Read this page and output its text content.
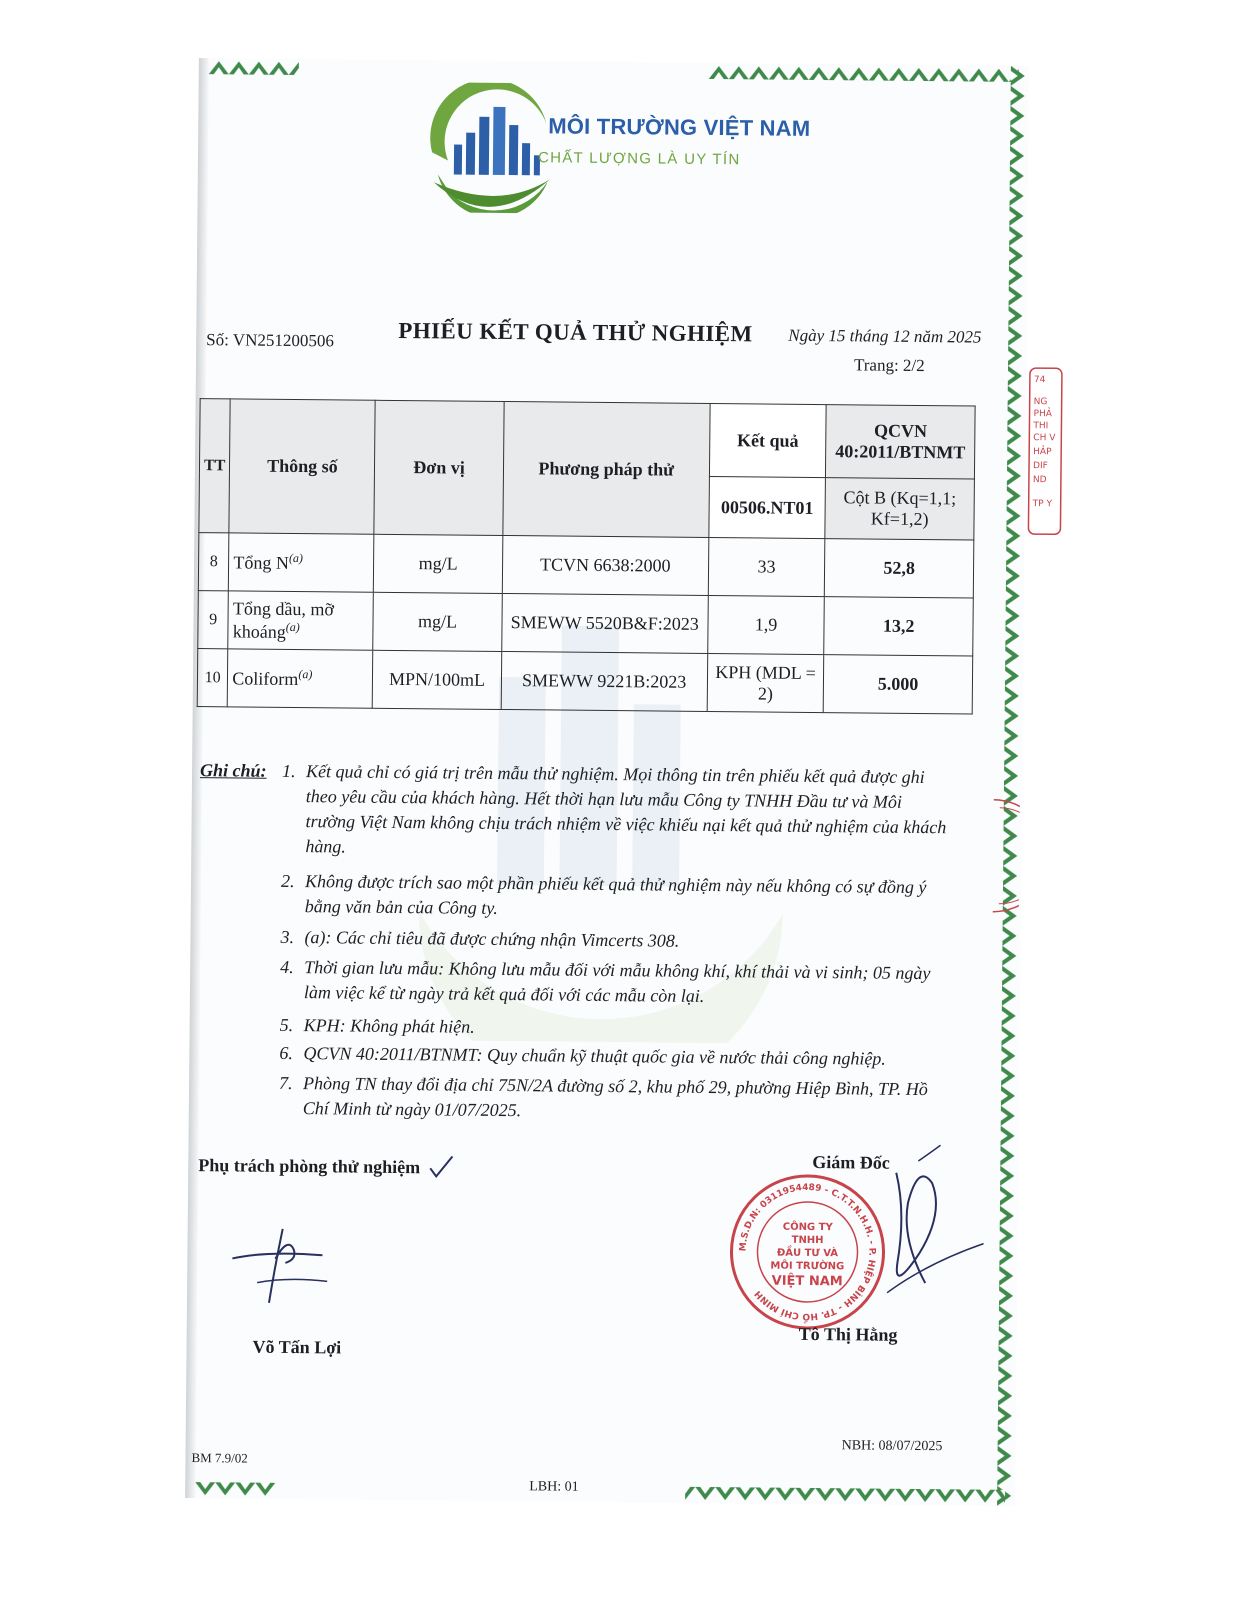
MÔI TRƯỜNG VIỆT NAM
CHẤT LƯỢNG LÀ UY TÍN
Số: VN251200506	PHIẾU KẾT QUẢ THỬ NGHIỆM Ngày 15 tháng 12 năm 2025
Trang: 2/2
74
NG
PHẢ
THI
CH V
HẢP
DIF
ND
TP Y
TT	Thông số	Đơn vị	Phương pháp thử	Kết quả	QCVN 40:2011/BTNMT
				00506.NT01	Cột B (Kq=1,1; Kf=1,2)
8	Tổng $N^{(a)}$	mg/L	TCVN 6638:2000	33	52,8
9	Tổng dầu, mỡ khoáng$^{(a)}$	mg/L	SMEWW 5520B&F:2023	1,9	13,2
10	Coliform$^{(a)}$	MPN/100mL	SMEWW 9221B:2023	KPH (MDL = 2)	5.000
Ghi chú: 1. Kết quả chỉ có giá trị trên mẫu thử nghiệm. Mọi thông tin trên phiếu kết quả được ghi theo yêu cầu của khách hàng. Hết thời hạn lưu mẫu Công ty TNHH Đầu tư và Môi trường Việt Nam không chịu trách nhiệm về việc khiếu nại kết quả thử nghiệm của khách hàng.
2. Không được trích sao một phần phiếu kết quả thử nghiệm này nếu không có sự đồng ý bằng văn bản của Công ty.
3. (a): Các chỉ tiêu đã được chứng nhận Vimcerts 308.
4. Thời gian lưu mẫu: Không lưu mẫu đối với mẫu không khí, khí thải và vi sinh; 05 ngày làm việc kể từ ngày trả kết quả đối với các mẫu còn lại.
5. KPH: Không phát hiện.
6. QCVN 40:2011/BTNMT: Quy chuẩn kỹ thuật quốc gia về nước thải công nghiệp.
7. Phòng TN thay đổi địa chỉ 75N/2A đường số 2, khu phố 29, phường Hiệp Bình, TP. Hồ Chí Minh từ ngày 01/07/2025.
Phụ trách phòng thử nghiệm	Giám Đốc
M.S.D.N: 0311954489 - C.T.T.N.H.H. - P. HIỆP BÌNH - TP. HỒ CHÍ MINH
CÔNG TY
TNHH
ĐẦU TƯ VÀ
MÔI TRƯỜNG
VIỆT NAM
Võ Tấn Lợi
Tô Thị Hằng
BM 7.9/02
NBH: 08/07/2025
LBH: 01
